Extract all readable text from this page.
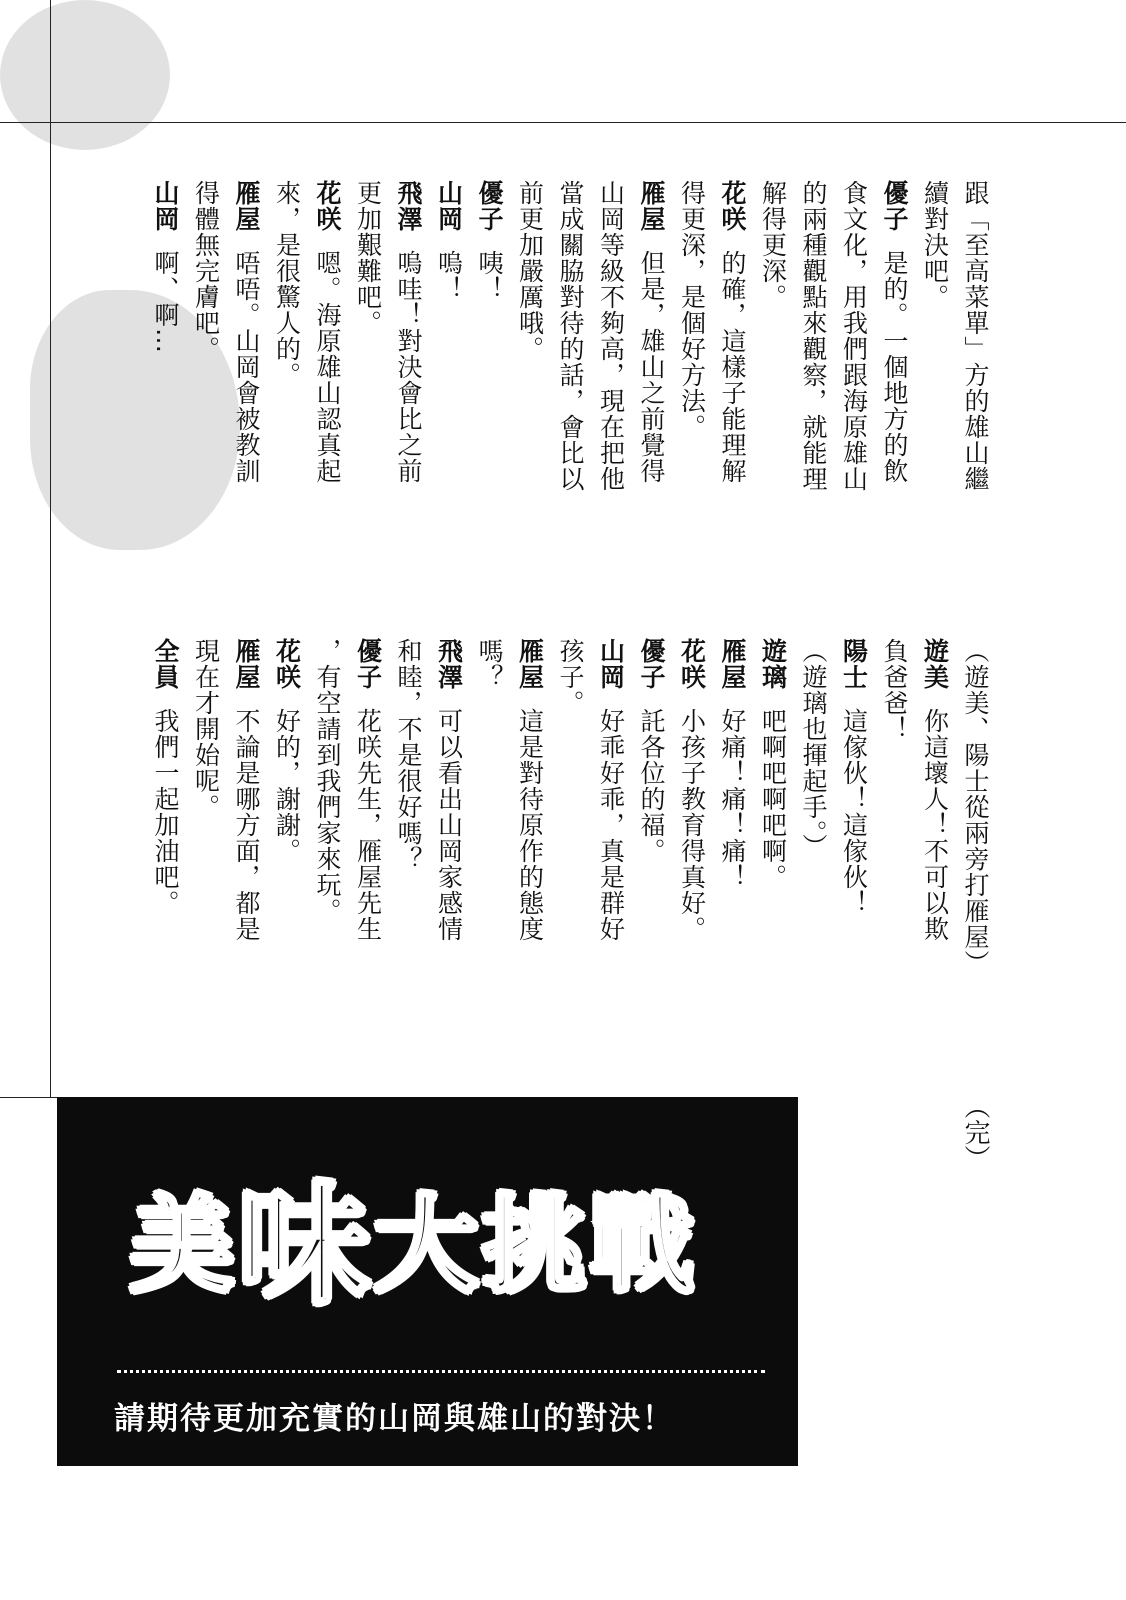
跟「至高菜單」方的雄山繼
續對決吧。
優子是的。一個地方的飲
食文化，用我們跟海原雄山
的兩種觀點來觀察，就能理
解得更深。
花咲的確，這樣子能理解
得更深，是個好方法。
雁屋但是，雄山之前覺得
山岡等級不夠高，現在把他
當成關脇對待的話，會比以
前更加嚴厲哦。
優子咦！
山岡嗚！
飛澤嗚哇！對決會比之前
更加艱難吧。
花咲嗯。海原雄山認真起
來，是很驚人的。
雁屋唔唔。山岡會被教訓
得體無完膚吧。
山岡啊、啊…
（遊美、陽士從兩旁打雁屋）
遊美你這壞人！不可以欺
負爸爸！
陽士這傢伙！這傢伙！
（遊璃也揮起手。）
遊璃吧啊吧啊吧啊。
雁屋好痛！痛！痛！
花咲小孩子教育得真好。
優子託各位的福。
山岡好乖好乖，真是群好
孩子。
雁屋這是對待原作的態度
嗎？
飛澤可以看出山岡家感情
和睦，不是很好嗎？
優子花咲先生，雁屋先生
，有空請到我們家來玩。
花咲好的，謝謝。
雁屋不論是哪方面，都是
現在才開始呢。
全員我們一起加油吧。
（完）
美味大挑戰
請期待更加充實的山岡與雄山的對決！
